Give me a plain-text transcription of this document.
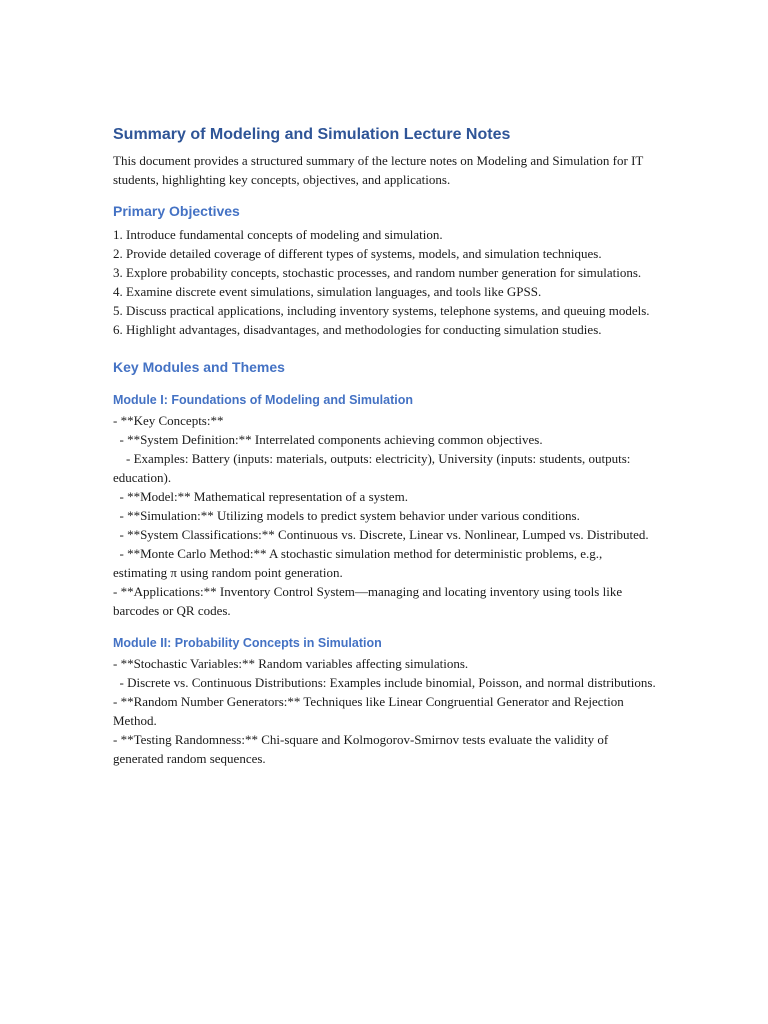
Summary of Modeling and Simulation Lecture Notes

This document provides a structured summary of the lecture notes on Modeling and Simulation for IT students, highlighting key concepts, objectives, and applications.

Primary Objectives

1. Introduce fundamental concepts of modeling and simulation.

2. Provide detailed coverage of different types of systems, models, and simulation techniques.

3. Explore probability concepts, stochastic processes, and random number generation for simulations.

4. Examine discrete event simulations, simulation languages, and tools like GPSS.

5. Discuss practical applications, including inventory systems, telephone systems, and queuing models.

6. Highlight advantages, disadvantages, and methodologies for conducting simulation studies.

Key Modules and Themes
Module I: Foundations of Modeling and Simulation

- **Key Concepts:**

- **System Definition:** Interrelated components achieving common objectives.

- Examples: Battery (inputs: materials, outputs: electricity), University (inputs: students, outputs: education).

- **Model:** Mathematical representation of a system.

- **Simulation:** Utilizing models to predict system behavior under various conditions.

- **System Classifications:** Continuous vs. Discrete, Linear vs. Nonlinear, Lumped vs. Distributed.

- **Monte Carlo Method:** A stochastic simulation method for deterministic problems, e.g., estimating π using random point generation.

- **Applications:** Inventory Control System—managing and locating inventory using tools like barcodes or QR codes.

Module II: Probability Concepts in Simulation

- **Stochastic Variables:** Random variables affecting simulations.

- Discrete vs. Continuous Distributions: Examples include binomial, Poisson, and normal distributions.

- **Random Number Generators:** Techniques like Linear Congruential Generator and Rejection Method.

- **Testing Randomness:** Chi-square and Kolmogorov-Smirnov tests evaluate the validity of generated random sequences.
